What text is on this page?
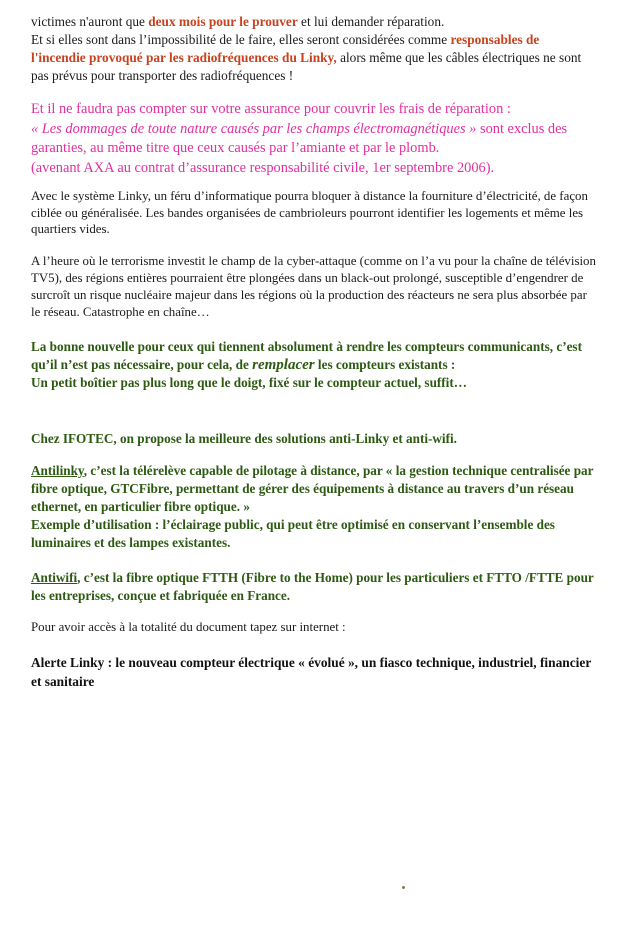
victimes n'auront que deux mois pour le prouver et lui demander réparation.
Et si elles sont dans l’impossibilité de le faire, elles seront considérées comme responsables de l'incendie provoqué par les radiofréquences du Linky, alors même que les câbles électriques ne sont pas prévus pour transporter des radiofréquences !

Et il ne faudra pas compter sur votre assurance pour couvrir les frais de réparation :
« Les dommages de toute nature causés par les champs électromagnétiques » sont exclus des garanties, au même titre que ceux causés par l’amiante et par le plomb.
(avenant AXA au contrat d’assurance responsabilité civile, 1er septembre 2006).

Avec le système Linky, un féru d’informatique pourra bloquer à distance la fourniture d’électricité, de façon ciblée ou généralisée. Les bandes organisées de cambrioleurs pourront identifier les logements et même les quartiers vides.

A l’heure où le terrorisme investit le champ de la cyber-attaque (comme on l’a vu pour la chaîne de télévision TV5), des régions entières pourraient être plongées dans un black-out prolongé, susceptible d’engendrer de surcroît un risque nucléaire majeur dans les régions où la production des réacteurs ne sera plus absorbée par le réseau. Catastrophe en chaîne…

La bonne nouvelle pour ceux qui tiennent absolument à rendre les compteurs communicants, c’est qu’il n’est pas nécessaire, pour cela, de remplacer les compteurs existants :
Un petit boîtier pas plus long que le doigt, fixé sur le compteur actuel, suffit…

Chez IFOTEC, on propose la meilleure des solutions anti-Linky et anti-wifi.

Antilinky, c’est la télérelève capable de pilotage à distance, par « la gestion technique centralisée par fibre optique, GTCFibre, permettant de gérer des équipements à distance au travers d’un réseau ethernet, en particulier fibre optique. »
Exemple d’utilisation : l’éclairage public, qui peut être optimisé en conservant l’ensemble des luminaires et des lampes existantes.

Antiwifi, c’est la fibre optique FTTH (Fibre to the Home) pour les particuliers et FTTO /FTTE pour les entreprises, conçue et fabriquée en France.

Pour avoir accès à la totalité du document tapez sur internet :

Alerte Linky : le nouveau compteur électrique « évolué », un fiasco technique, industriel, financier et sanitaire
